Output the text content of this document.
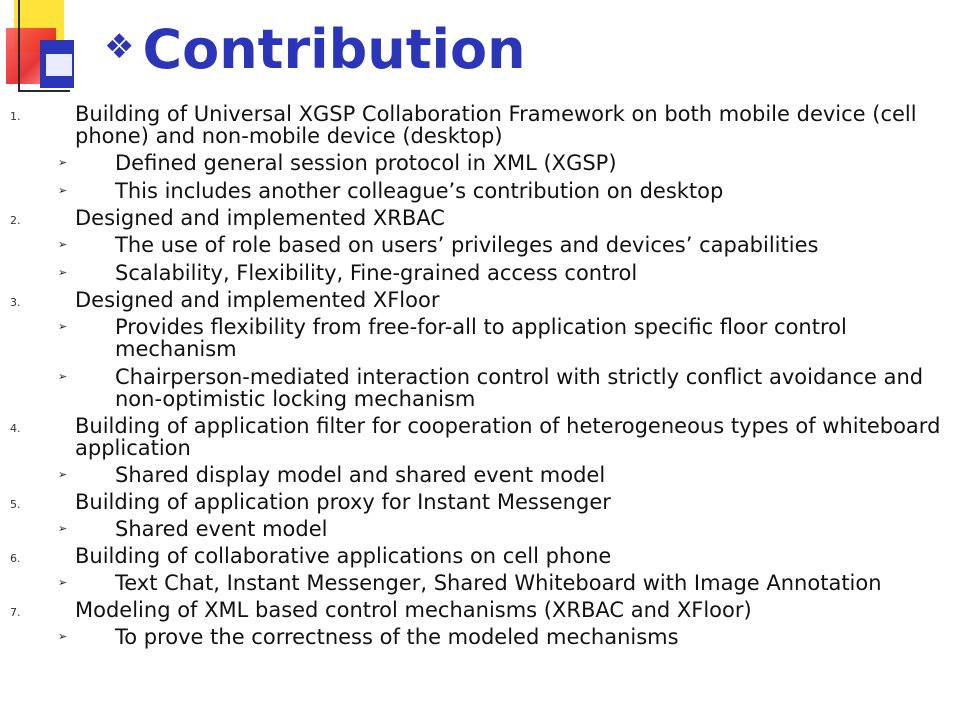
❖ Contribution
1.	Building of Universal XGSP Collaboration Framework on both mobile device (cell phone) and non-mobile device (desktop)
➢ Defined general session protocol in XML (XGSP)
➢ This includes another colleague’s contribution on desktop
2.	Designed and implemented XRBAC
➢ The use of role based on users’ privileges and devices’ capabilities
➢ Scalability, Flexibility, Fine-grained access control
3.	Designed and implemented XFloor
➢ Provides flexibility from free-for-all to application specific floor control mechanism
➢ Chairperson-mediated interaction control with strictly conflict avoidance and non-optimistic locking mechanism
4.	Building of application filter for cooperation of heterogeneous types of whiteboard application
➢ Shared display model and shared event model
5.	Building of application proxy for Instant Messenger
➢ Shared event model
6.	Building of collaborative applications on cell phone
➢ Text Chat, Instant Messenger, Shared Whiteboard with Image Annotation
7.	Modeling of XML based control mechanisms (XRBAC and XFloor)
➢ To prove the correctness of the modeled mechanisms
